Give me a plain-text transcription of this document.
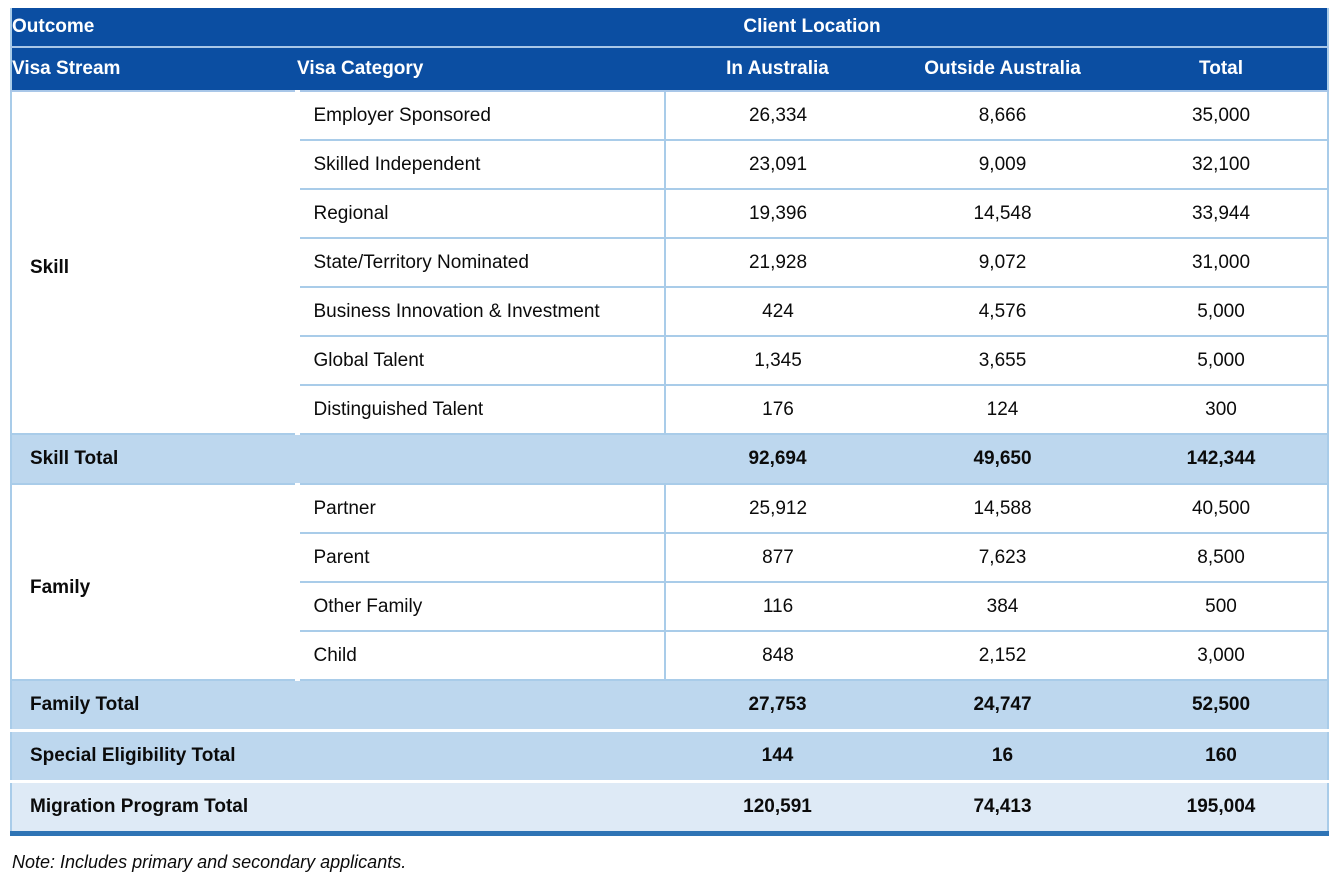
Outcome	Client Location			
Visa Stream	Visa Category	In Australia	Outside Australia	Total
Skill	Employer Sponsored	26,334	8,666	35,000
	Skilled Independent	23,091	9,009	32,100
	Regional	19,396	14,548	33,944
	State/Territory Nominated	21,928	9,072	31,000
	Business Innovation & Investment	424	4,576	5,000
	Global Talent	1,345	3,655	5,000
	Distinguished Talent	176	124	300
Skill Total		92,694	49,650	142,344
Family	Partner	25,912	14,588	40,500
	Parent	877	7,623	8,500
	Other Family	116	384	500
	Child	848	2,152	3,000
Family Total		27,753	24,747	52,500
Special Eligibility Total		144	16	160
Migration Program Total		120,591	74,413	195,004

Note: Includes primary and secondary applicants.
